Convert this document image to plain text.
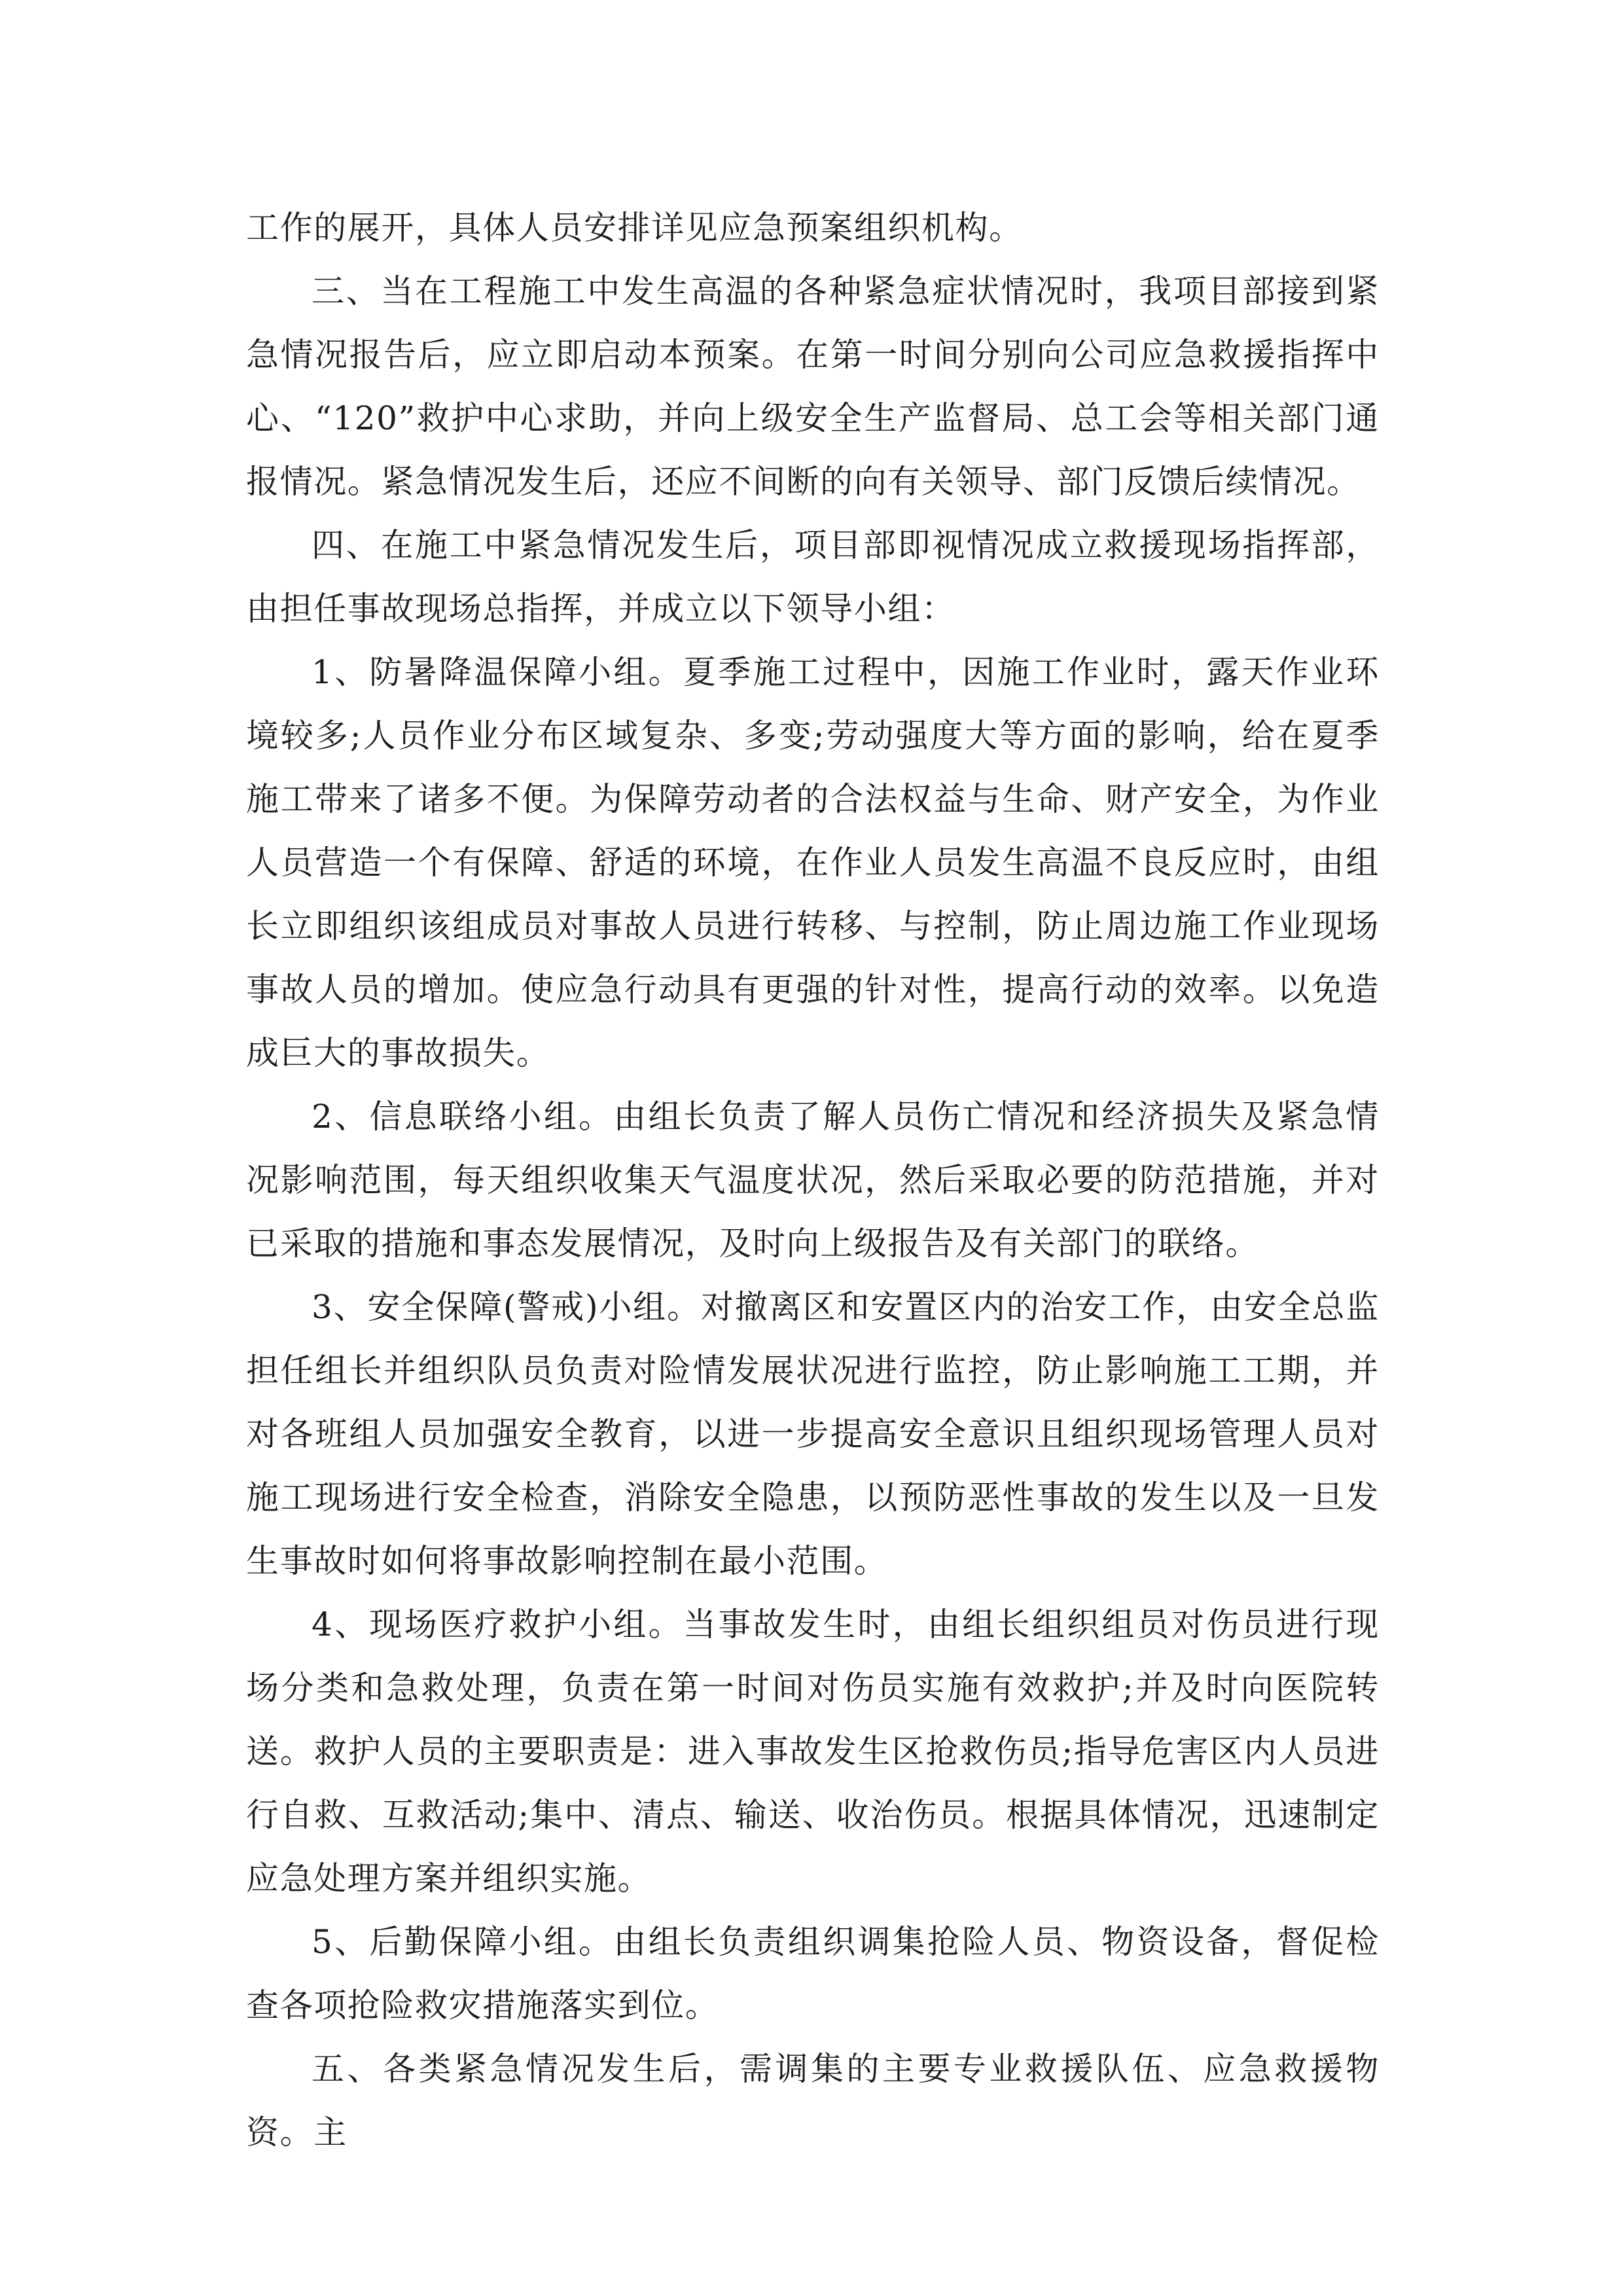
工作的展开，具体人员安排详见应急预案组织机构。

三、当在工程施工中发生高温的各种紧急症状情况时，我项目部接到紧急情况报告后，应立即启动本预案。在第一时间分别向公司应急救援指挥中心、“120”救护中心求助，并向上级安全生产监督局、总工会等相关部门通报情况。紧急情况发生后，还应不间断的向有关领导、部门反馈后续情况。

四、在施工中紧急情况发生后，项目部即视情况成立救援现场指挥部，由担任事故现场总指挥，并成立以下领导小组：

1、防暑降温保障小组。夏季施工过程中，因施工作业时，露天作业环境较多;人员作业分布区域复杂、多变;劳动强度大等方面的影响，给在夏季施工带来了诸多不便。为保障劳动者的合法权益与生命、财产安全，为作业人员营造一个有保障、舒适的环境，在作业人员发生高温不良反应时，由组长立即组织该组成员对事故人员进行转移、与控制，防止周边施工作业现场事故人员的增加。使应急行动具有更强的针对性，提高行动的效率。以免造成巨大的事故损失。

2、信息联络小组。由组长负责了解人员伤亡情况和经济损失及紧急情况影响范围，每天组织收集天气温度状况，然后采取必要的防范措施，并对已采取的措施和事态发展情况，及时向上级报告及有关部门的联络。

3、安全保障(警戒)小组。对撤离区和安置区内的治安工作，由安全总监担任组长并组织队员负责对险情发展状况进行监控，防止影响施工工期，并对各班组人员加强安全教育，以进一步提高安全意识且组织现场管理人员对施工现场进行安全检查，消除安全隐患，以预防恶性事故的发生以及一旦发生事故时如何将事故影响控制在最小范围。

4、现场医疗救护小组。当事故发生时，由组长组织组员对伤员进行现场分类和急救处理，负责在第一时间对伤员实施有效救护;并及时向医院转送。救护人员的主要职责是：进入事故发生区抢救伤员;指导危害区内人员进行自救、互救活动;集中、清点、输送、收治伤员。根据具体情况，迅速制定应急处理方案并组织实施。

5、后勤保障小组。由组长负责组织调集抢险人员、物资设备，督促检查各项抢险救灾措施落实到位。

五、各类紧急情况发生后，需调集的主要专业救援队伍、应急救援物资。主
